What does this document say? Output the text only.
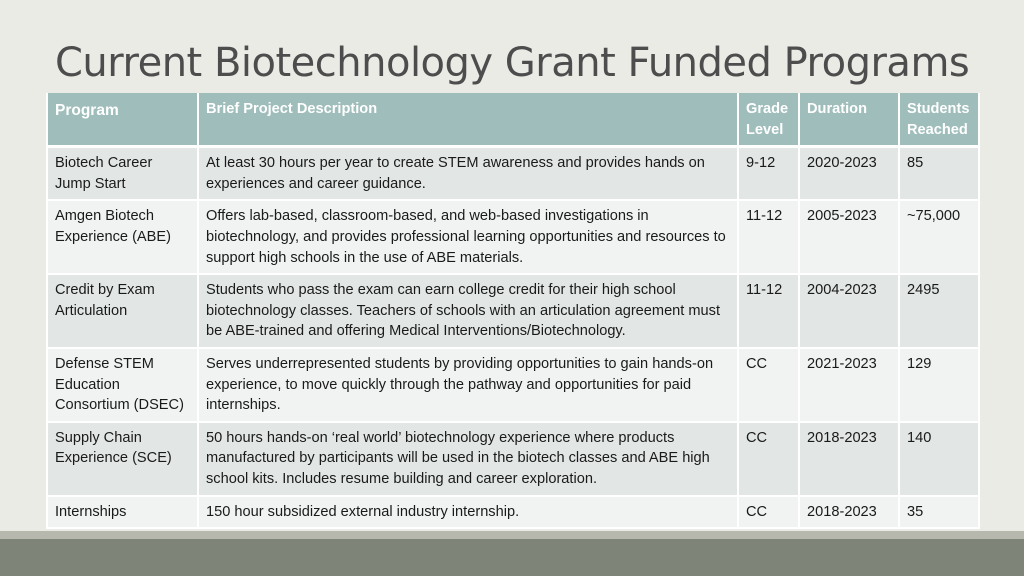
Current Biotechnology Grant Funded Programs
Program	Brief Project Description	Grade Level	Duration	Students Reached
Biotech Career Jump Start	At least 30 hours per year to create STEM awareness and provides hands on experiences and career guidance.	9-12	2020-2023	85
Amgen Biotech Experience (ABE)	Offers lab-based, classroom-based, and web-based investigations in biotechnology, and provides professional learning opportunities and resources to support high schools in the use of ABE materials.	11-12	2005-2023	~75,000
Credit by Exam Articulation	Students who pass the exam can earn college credit for their high school biotechnology classes. Teachers of schools with an articulation agreement must be ABE-trained and offering Medical Interventions/Biotechnology.	11-12	2004-2023	2495
Defense STEM Education Consortium (DSEC)	Serves underrepresented students by providing opportunities to gain hands-on experience, to move quickly through the pathway and opportunities for paid internships.	CC	2021-2023	129
Supply Chain Experience (SCE)	50 hours hands-on ‘real world’ biotechnology experience where products manufactured by participants will be used in the biotech classes and ABE high school kits. Includes resume building and career exploration.	CC	2018-2023	140
Internships	150 hour subsidized external industry internship.	CC	2018-2023	35
